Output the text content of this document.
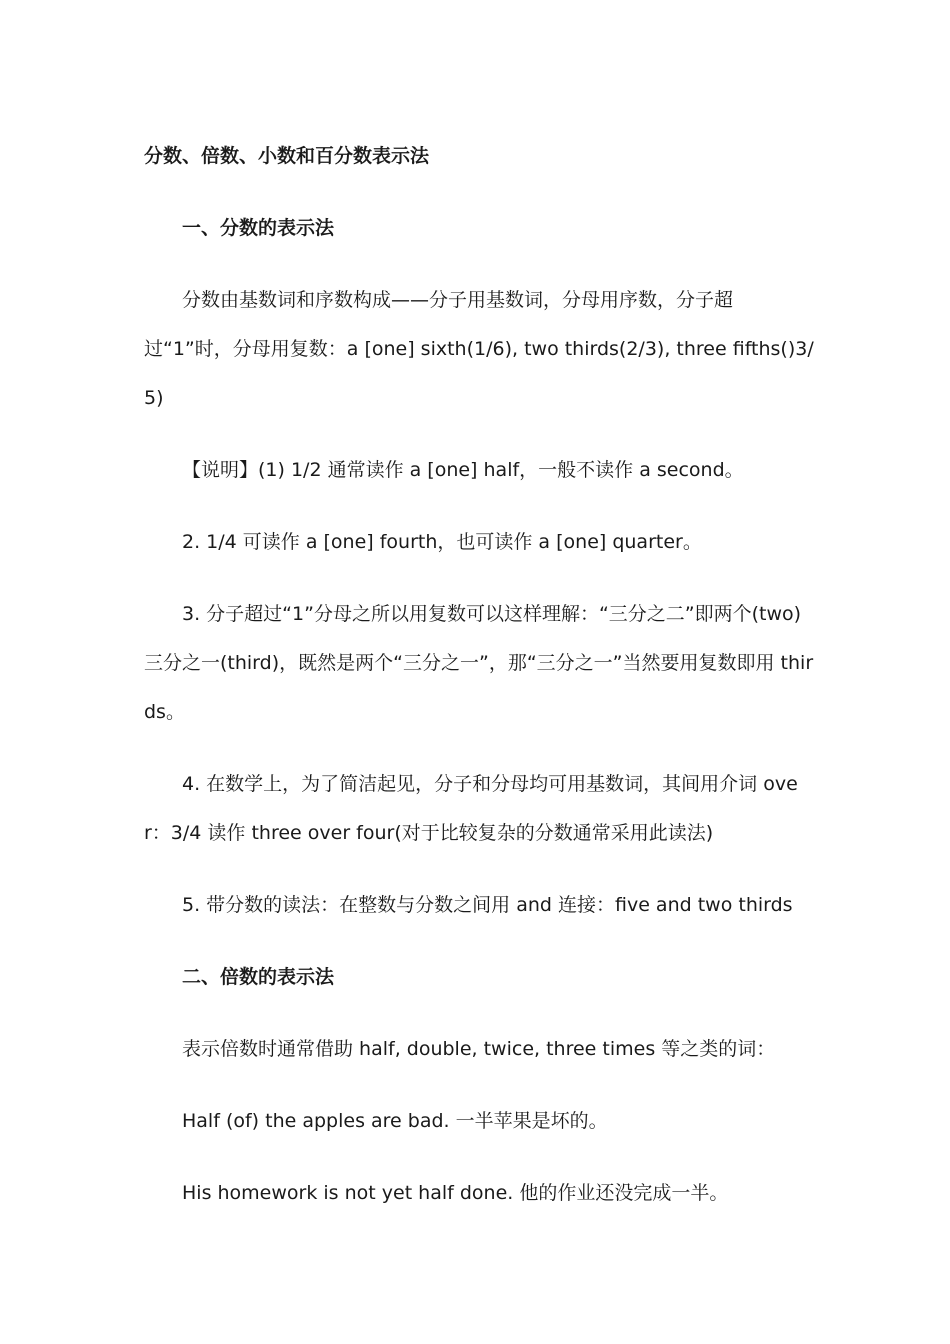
分数、倍数、小数和百分数表示法

一、分数的表示法

分数由基数词和序数构成——分子用基数词，分母用序数，分子超过“1”时，分母用复数：a [one] sixth(1/6), two thirds(2/3), three fifths()3/5)

【说明】(1) 1/2 通常读作 a [one] half，一般不读作 a second。

2. 1/4 可读作 a [one] fourth，也可读作 a [one] quarter。

3. 分子超过“1”分母之所以用复数可以这样理解：“三分之二”即两个(two)三分之一(third)，既然是两个“三分之一”，那“三分之一”当然要用复数即用 thirds。

4. 在数学上，为了简洁起见，分子和分母均可用基数词，其间用介词 over：3/4 读作 three over four(对于比较复杂的分数通常采用此读法)

5. 带分数的读法：在整数与分数之间用 and 连接：five and two thirds

二、倍数的表示法

表示倍数时通常借助 half, double, twice, three times 等之类的词：

Half (of) the apples are bad. 一半苹果是坏的。

His homework is not yet half done. 他的作业还没完成一半。
